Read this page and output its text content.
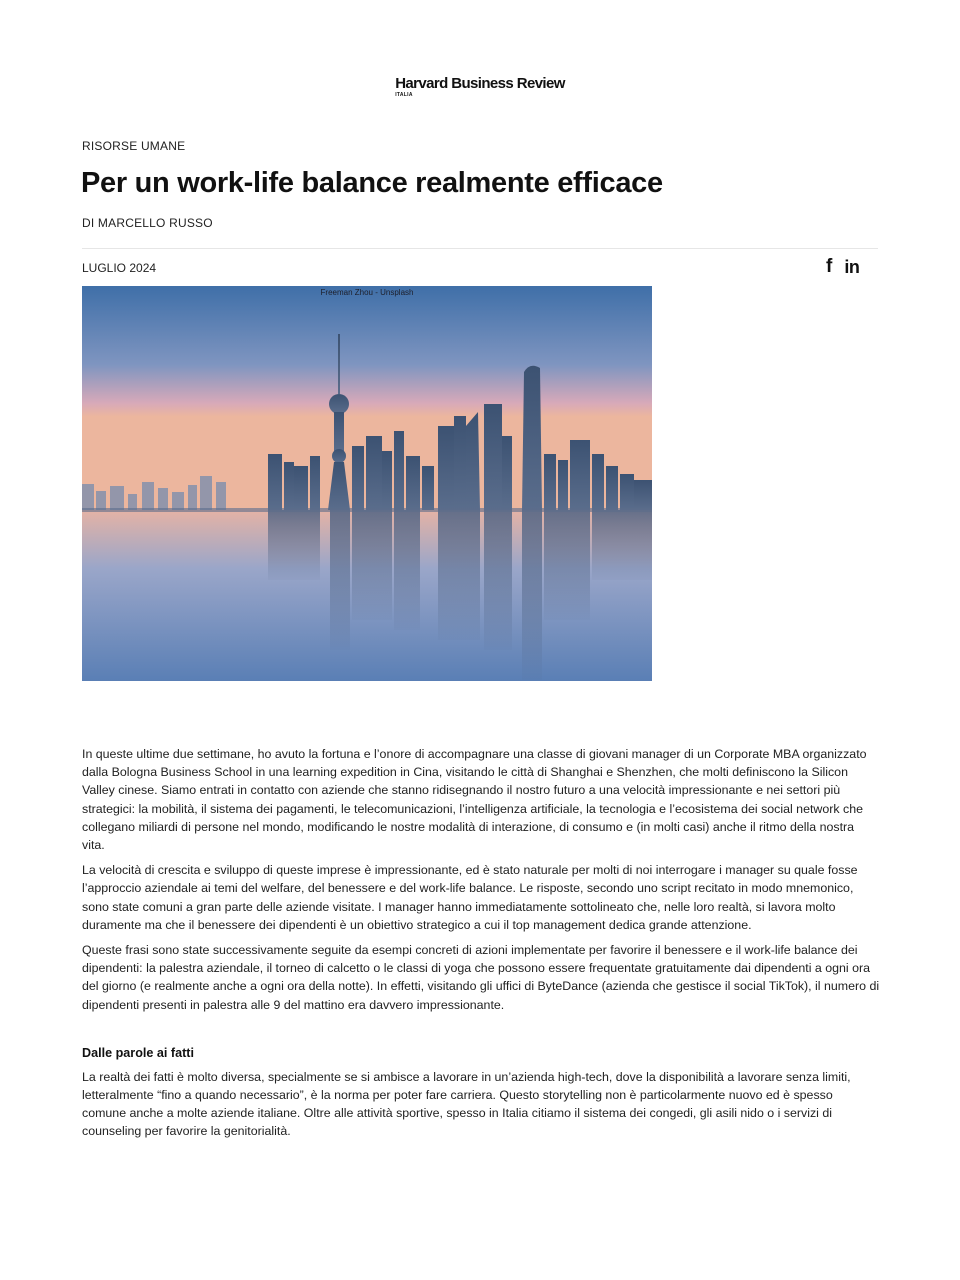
Harvard Business Review
ITALIA
RISORSE UMANE
Per un work-life balance realmente efficace
DI MARCELLO RUSSO
LUGLIO 2024	f in
Freeman Zhou - Unsplash

In queste ultime due settimane, ho avuto la fortuna e l’onore di accompagnare una classe di giovani manager di un Corporate MBA organizzato dalla Bologna Business School in una learning expedition in Cina, visitando le città di Shanghai e Shenzhen, che molti definiscono la Silicon Valley cinese. Siamo entrati in contatto con aziende che stanno ridisegnando il nostro futuro a una velocità impressionante e nei settori più strategici: la mobilità, il sistema dei pagamenti, le telecomunicazioni, l’intelligenza artificiale, la tecnologia e l’ecosistema dei social network che collegano miliardi di persone nel mondo, modificando le nostre modalità di interazione, di consumo e (in molti casi) anche il ritmo della nostra vita.

La velocità di crescita e sviluppo di queste imprese è impressionante, ed è stato naturale per molti di noi interrogare i manager su quale fosse l’approccio aziendale ai temi del welfare, del benessere e del work-life balance. Le risposte, secondo uno script recitato in modo mnemonico, sono state comuni a gran parte delle aziende visitate. I manager hanno immediatamente sottolineato che, nelle loro realtà, si lavora molto duramente ma che il benessere dei dipendenti è un obiettivo strategico a cui il top management dedica grande attenzione.

Queste frasi sono state successivamente seguite da esempi concreti di azioni implementate per favorire il benessere e il work-life balance dei dipendenti: la palestra aziendale, il torneo di calcetto o le classi di yoga che possono essere frequentate gratuitamente dai dipendenti a ogni ora del giorno (e realmente anche a ogni ora della notte). In effetti, visitando gli uffici di ByteDance (azienda che gestisce il social TikTok), il numero di dipendenti presenti in palestra alle 9 del mattino era davvero impressionante.

Dalle parole ai fatti

La realtà dei fatti è molto diversa, specialmente se si ambisce a lavorare in un’azienda high-tech, dove la disponibilità a lavorare senza limiti, letteralmente “fino a quando necessario”, è la norma per poter fare carriera. Questo storytelling non è particolarmente nuovo ed è spesso comune anche a molte aziende italiane. Oltre alle attività sportive, spesso in Italia citiamo il sistema dei congedi, gli asili nido o i servizi di counseling per favorire la genitorialità.
